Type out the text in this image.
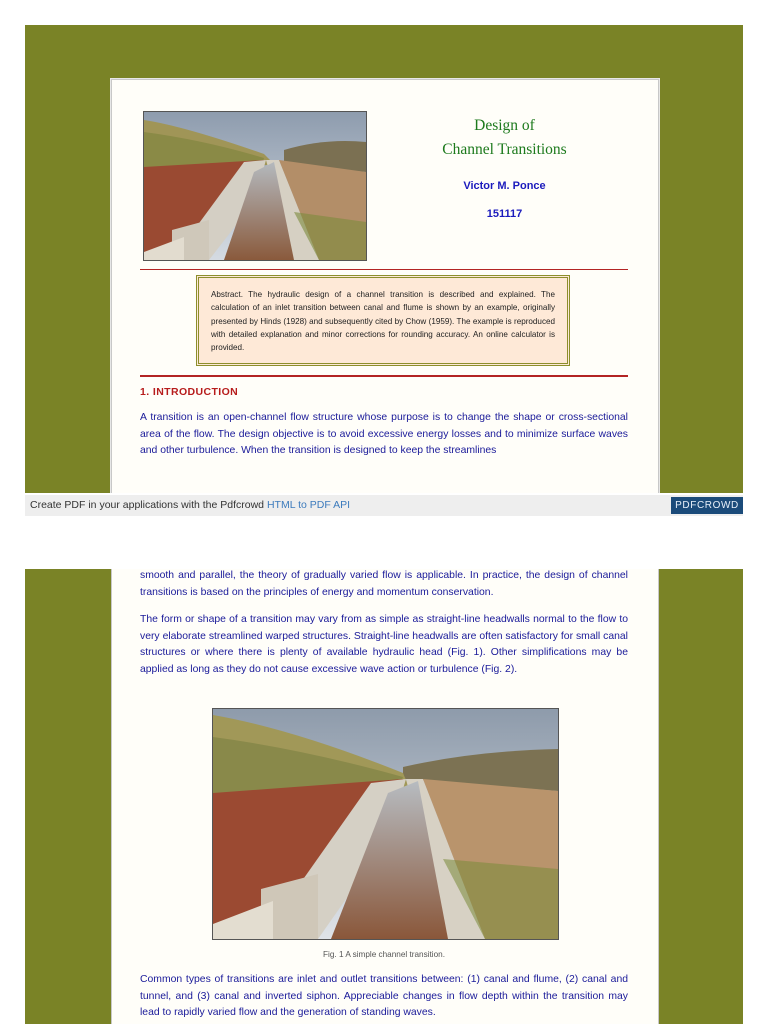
Design of
Channel Transitions
Victor M. Ponce
151117

Abstract. The hydraulic design of a channel transition is described and explained. The calculation of an inlet transition between canal and flume is shown by an example, originally presented by Hinds (1928) and subsequently cited by Chow (1959). The example is reproduced with detailed explanation and minor corrections for rounding accuracy. An online calculator is provided.

1. INTRODUCTION

A transition is an open-channel flow structure whose purpose is to change the shape or cross-sectional area of the flow. The design objective is to avoid excessive energy losses and to minimize surface waves and other turbulence. When the transition is designed to keep the streamlines

Create PDF in your applications with the Pdfcrowd HTML to PDF API	PDFCROWD

smooth and parallel, the theory of gradually varied flow is applicable. In practice, the design of channel transitions is based on the principles of energy and momentum conservation.

The form or shape of a transition may vary from as simple as straight-line headwalls normal to the flow to very elaborate streamlined warped structures. Straight-line headwalls are often satisfactory for small canal structures or where there is plenty of available hydraulic head (Fig. 1). Other simplifications may be applied as long as they do not cause excessive wave action or turbulence (Fig. 2).

Fig. 1 A simple channel transition.

Common types of transitions are inlet and outlet transitions between: (1) canal and flume, (2) canal and tunnel, and (3) canal and inverted siphon. Appreciable changes in flow depth within the transition may lead to rapidly varied flow and the generation of standing waves.
